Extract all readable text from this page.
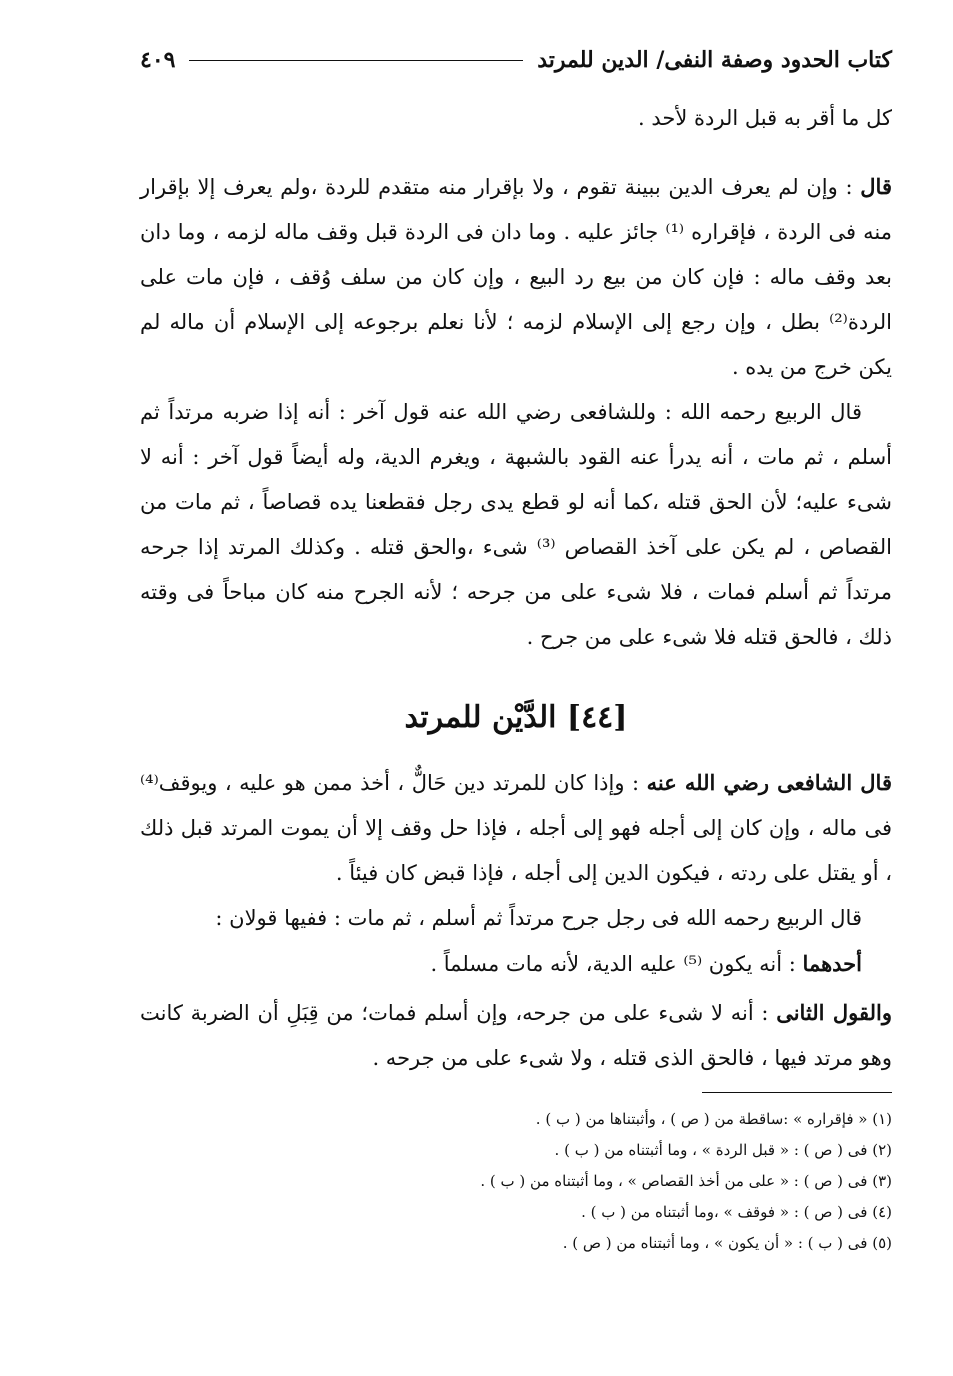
كتاب الحدود وصفة النفى/ الدين للمرتد
٤٠٩
كل ما أقر به قبل الردة لأحد .
قال : وإن لم يعرف الدين ببينة تقوم ، ولا بإقرار منه متقدم للردة ،ولم يعرف إلا بإقرار منه فى الردة ، فإقراره ⁽¹⁾ جائز عليه . وما دان فى الردة قبل وقف ماله لزمه ، وما دان بعد وقف ماله : فإن كان من بيع رد البيع ، وإن كان من سلف وُقف ، فإن مات على الردة⁽²⁾ بطل ، وإن رجع إلى الإسلام لزمه ؛ لأنا نعلم برجوعه إلى الإسلام أن ماله لم يكن خرج من يده .
قال الربيع رحمه الله : وللشافعى رضي الله عنه قول آخر : أنه إذا ضربه مرتداً ثم أسلم ، ثم مات ، أنه يدرأ عنه القود بالشبهة ، ويغرم الدية، وله أيضاً قول آخر : أنه لا شىء عليه؛ لأن الحق قتله ،كما أنه لو قطع يدى رجل فقطعنا يده قصاصاً ، ثم مات من القصاص ، لم يكن على آخذ القصاص ⁽³⁾ شىء ،والحق قتله . وكذلك المرتد إذا جرحه مرتداً ثم أسلم فمات ، فلا شىء على من جرحه ؛ لأنه الجرح منه كان مباحاً فى وقته ذلك ، فالحق قتله فلا شىء على من جرح .
[٤٤] الدَّيْن للمرتد
قال الشافعى رضي الله عنه : وإذا كان للمرتد دين حَالٌّ ، أخذ ممن هو عليه ، ويوقف⁽⁴⁾ فى ماله ، وإن كان إلى أجله فهو إلى أجله ، فإذا حل وقف إلا أن يموت المرتد قبل ذلك ، أو يقتل على ردته ، فيكون الدين إلى أجله ، فإذا قبض كان فيئاً .
قال الربيع رحمه الله فى رجل جرح مرتداً ثم أسلم ، ثم مات : ففيها قولان :
أحدهما : أنه يكون ⁽⁵⁾ عليه الدية، لأنه مات مسلماً .
والقول الثانى : أنه لا شىء على من جرحه، وإن أسلم فمات؛ من قِبَلِ أن الضربة كانت وهو مرتد فيها ، فالحق الذى قتله ، ولا شىء على من جرحه .
(١) « فإقراره » :ساقطة من ( ص ) ، وأثبتناها من ( ب ) .
(٢) فى ( ص ) : « قبل الردة » ، وما أثبتناه من ( ب ) .
(٣) فى ( ص ) : « على من أخذ القصاص » ، وما أثبتناه من ( ب ) .
(٤) فى ( ص ) : « فوقف » ،وما أثبتناه من ( ب ) .
(٥) فى ( ب ) : « أن يكون » ، وما أثبتناه من ( ص ) .
